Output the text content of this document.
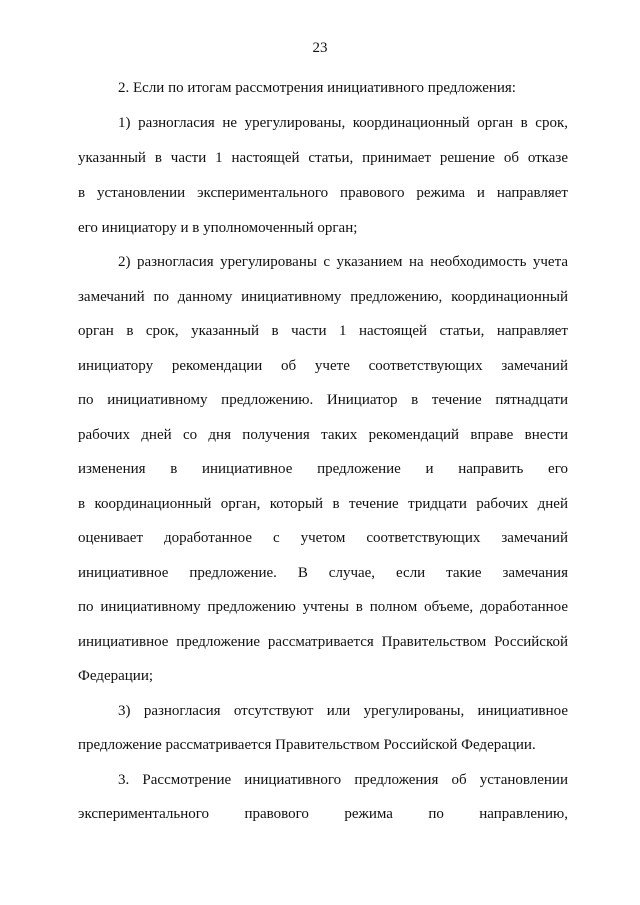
23
2. Если по итогам рассмотрения инициативного предложения:
1) разногласия не урегулированы, координационный орган в срок,
указанный в части 1 настоящей статьи, принимает решение об отказе
в установлении экспериментального правового режима и направляет
его инициатору и в уполномоченный орган;
2) разногласия урегулированы с указанием на необходимость учета
замечаний по данному инициативному предложению, координационный
орган в срок, указанный в части 1 настоящей статьи, направляет
инициатору рекомендации об учете соответствующих замечаний
по инициативному предложению. Инициатор в течение пятнадцати
рабочих дней со дня получения таких рекомендаций вправе внести
изменения в инициативное предложение и направить его
в координационный орган, который в течение тридцати рабочих дней
оценивает доработанное с учетом соответствующих замечаний
инициативное предложение. В случае, если такие замечания
по инициативному предложению учтены в полном объеме, доработанное
инициативное предложение рассматривается Правительством Российской
Федерации;
3) разногласия отсутствуют или урегулированы, инициативное
предложение рассматривается Правительством Российской Федерации.
3. Рассмотрение инициативного предложения об установлении
экспериментального правового режима по направлению,
